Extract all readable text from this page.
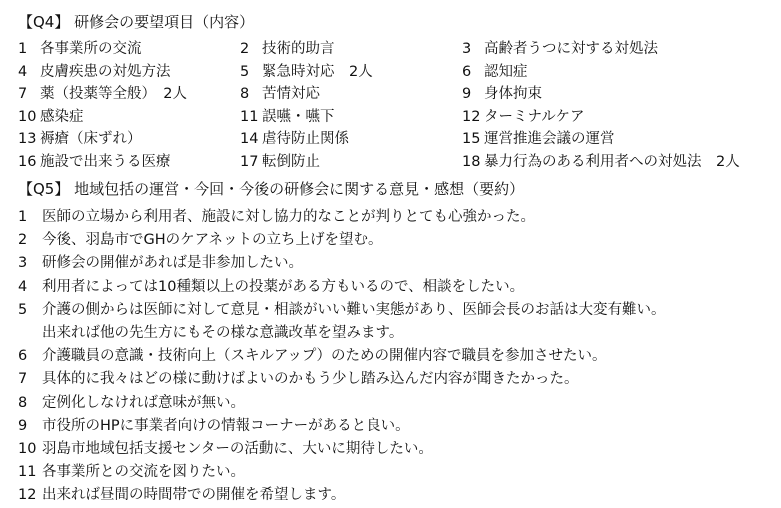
【Q4】 研修会の要望項目（内容）
1 各事業所の交流	2 技術的助言	3 高齢者うつに対する対処法
4 皮膚疾患の対処方法	5 緊急時対応　2人	6 認知症
7 薬（投薬等全般）　2人	8 苦情対応	9 身体拘束
10 感染症	11 誤嚥・嚥下	12 ターミナルケア
13 褥瘡（床ずれ）	14 虐待防止関係	15 運営推進会議の運営
16 施設で出来うる医療	17 転倒防止	18 暴力行為のある利用者への対処法　2人
【Q5】 地域包括の運営・今回・今後の研修会に関する意見・感想（要約）
1	医師の立場から利用者、施設に対し協力的なことが判りとても心強かった。
2	今後、羽島市でGHのケアネットの立ち上げを望む。
3	研修会の開催があれば是非参加したい。
4	利用者によっては10種類以上の投薬がある方もいるので、相談をしたい。
5	介護の側からは医師に対して意見・相談がいい難い実態があり、医師会長のお話は大変有難い。
出来れば他の先生方にもその様な意識改革を望みます。
6	介護職員の意識・技術向上（スキルアップ）のための開催内容で職員を参加させたい。
7	具体的に我々はどの様に動けばよいのかもう少し踏み込んだ内容が聞きたかった。
8	定例化しなければ意味が無い。
9	市役所のHPに事業者向けの情報コーナーがあると良い。
10 羽島市地域包括支援センターの活動に、大いに期待したい。
11 各事業所との交流を図りたい。
12 出来れば昼間の時間帯での開催を希望します。
